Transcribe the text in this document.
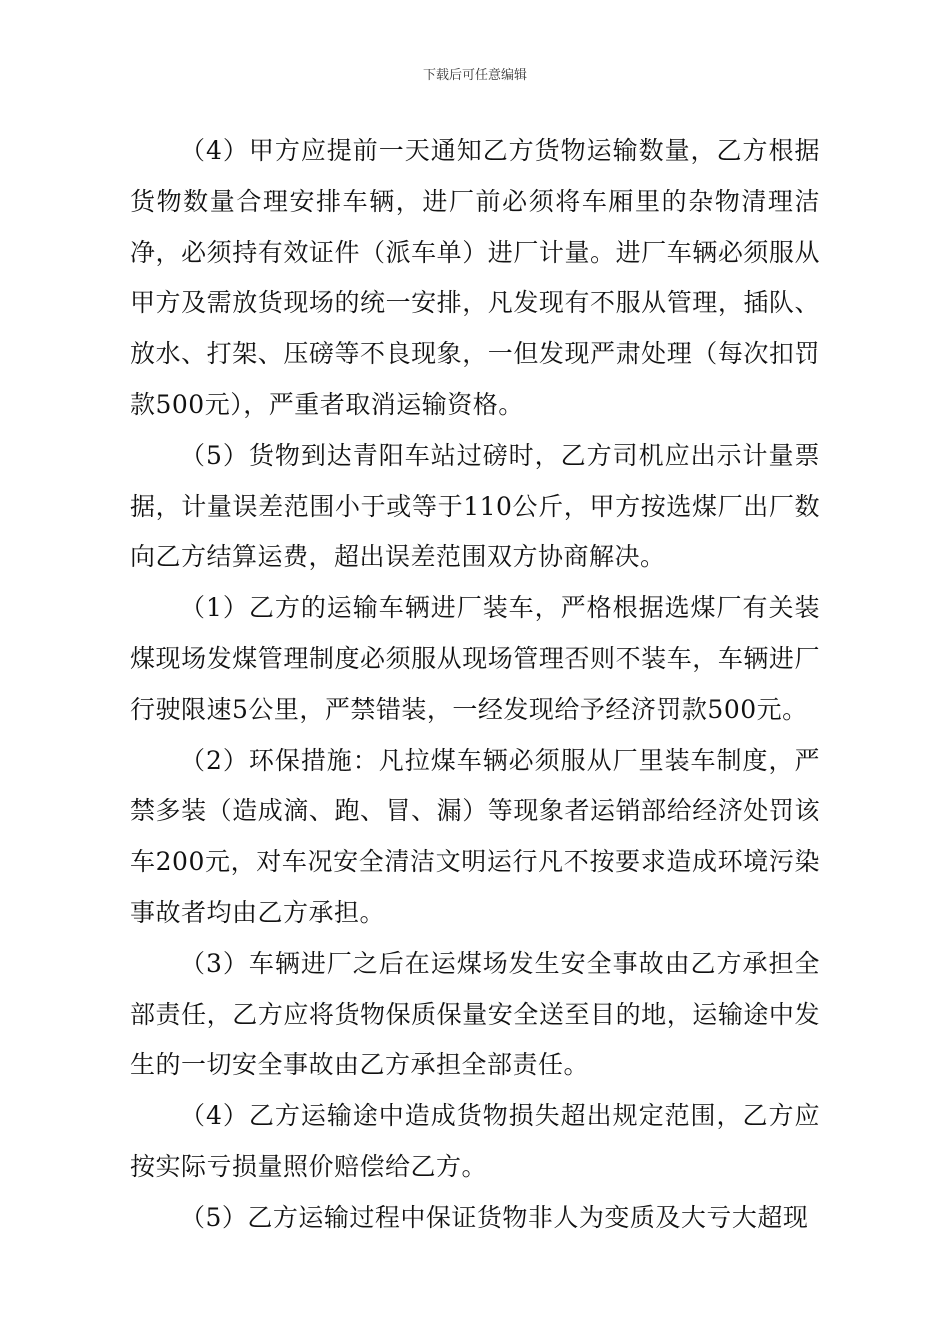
下载后可任意编辑

（4）甲方应提前一天通知乙方货物运输数量，乙方根据货物数量合理安排车辆，进厂前必须将车厢里的杂物清理洁净，必须持有效证件（派车单）进厂计量。进厂车辆必须服从甲方及需放货现场的统一安排，凡发现有不服从管理，插队、放水、打架、压磅等不良现象，一但发现严肃处理（每次扣罚款500元），严重者取消运输资格。

（5）货物到达青阳车站过磅时，乙方司机应出示计量票据，计量误差范围小于或等于110公斤，甲方按选煤厂出厂数向乙方结算运费，超出误差范围双方协商解决。

（1）乙方的运输车辆进厂装车，严格根据选煤厂有关装煤现场发煤管理制度必须服从现场管理否则不装车，车辆进厂行驶限速5公里，严禁错装，一经发现给予经济罚款500元。

（2）环保措施：凡拉煤车辆必须服从厂里装车制度，严禁多装（造成滴、跑、冒、漏）等现象者运销部给经济处罚该车200元，对车况安全清洁文明运行凡不按要求造成环境污染事故者均由乙方承担。

（3）车辆进厂之后在运煤场发生安全事故由乙方承担全部责任，乙方应将货物保质保量安全送至目的地，运输途中发生的一切安全事故由乙方承担全部责任。

（4）乙方运输途中造成货物损失超出规定范围，乙方应按实际亏损量照价赔偿给乙方。

（5）乙方运输过程中保证货物非人为变质及大亏大超现
